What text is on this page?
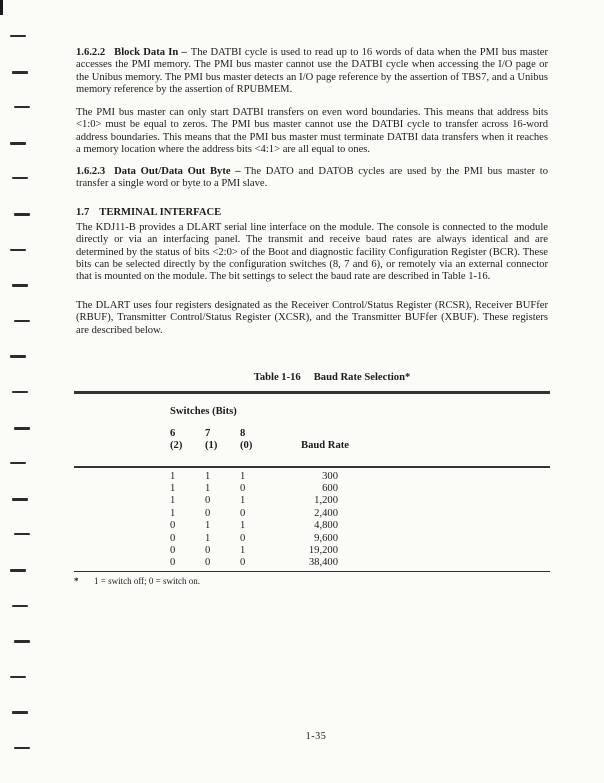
1.6.2.2 Block Data In – The DATBI cycle is used to read up to 16 words of data when the PMI bus master accesses the PMI memory. The PMI bus master cannot use the DATBI cycle when accessing the I/O page or the Unibus memory. The PMI bus master detects an I/O page reference by the assertion of TBS7, and a Unibus memory reference by the assertion of RPUBMEM.

The PMI bus master can only start DATBI transfers on even word boundaries. This means that address bits <1:0> must be equal to zeros. The PMI bus master cannot use the DATBI cycle to transfer across 16-word address boundaries. This means that the PMI bus master must terminate DATBI data transfers when it reaches a memory location where the address bits <4:1> are all equal to ones.

1.6.2.3 Data Out/Data Out Byte – The DATO and DATOB cycles are used by the PMI bus master to transfer a single word or byte to a PMI slave.

1.7 TERMINAL INTERFACE

The KDJ11-B provides a DLART serial line interface on the module. The console is connected to the module directly or via an interfacing panel. The transmit and receive baud rates are always identical and are determined by the status of bits <2:0> of the Boot and diagnostic facility Configuration Register (BCR). These bits can be selected directly by the configuration switches (8, 7 and 6), or remotely via an external connector that is mounted on the module. The bit settings to select the baud rate are described in Table 1-16.

The DLART uses four registers designated as the Receiver Control/Status Register (RCSR), Receiver BUFfer (RBUF), Transmitter Control/Status Register (XCSR), and the Transmitter BUFfer (XBUF). These registers are described below.

Table 1-16 Baud Rate Selection*
Switches (Bits)
6	7	8
(2)	(1)	(0)	Baud Rate
1	1	1	300
1	1	0	600
1	0	1	1,200
1	0	0	2,400
0	1	1	4,800
0	1	0	9,600
0	0	1	19,200
0	0	0	38,400
*	1 = switch off; 0 = switch on.
1-35
